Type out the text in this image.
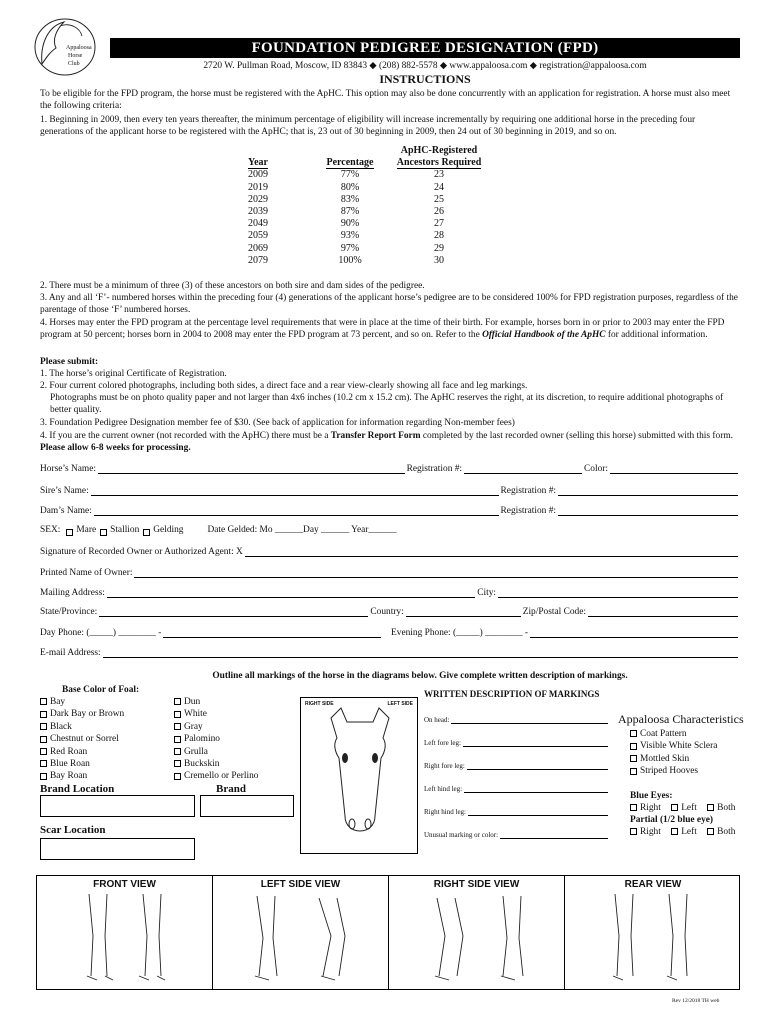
Appaloosa
Horse
Club
FOUNDATION PEDIGREE DESIGNATION (FPD)
2720 W. Pullman Road, Moscow, ID 83843 ◆ (208) 882-5578 ◆ www.appaloosa.com ◆ registration@appaloosa.com
INSTRUCTIONS
To be eligible for the FPD program, the horse must be registered with the ApHC. This option may also be done concurrently with an application for registration. A horse must also meet the following criteria:
1. Beginning in 2009, then every ten years thereafter, the minimum percentage of eligibility will increase incrementally by requiring one additional horse in the preceding four generations of the applicant horse to be registered with the ApHC; that is, 23 out of 30 beginning in 2009, then 24 out of 30 beginning in 2019, and so on.
ApHC-Registered
Year	Percentage	Ancestors Required
2009	77%	23
2019	80%	24
2029	83%	25
2039	87%	26
2049	90%	27
2059	93%	28
2069	97%	29
2079	100%	30
2. There must be a minimum of three (3) of these ancestors on both sire and dam sides of the pedigree.
3. Any and all ‘F’- numbered horses within the preceding four (4) generations of the applicant horse’s pedigree are to be considered 100% for FPD registration purposes, regardless of the parentage of those ‘F’ numbered horses.
4. Horses may enter the FPD program at the percentage level requirements that were in place at the time of their birth. For example, horses born in or prior to 2003 may enter the FPD program at 50 percent; horses born in 2004 to 2008 may enter the FPD program at 73 percent, and so on. Refer to the Official Handbook of the ApHC for additional information.
Please submit:
1. The horse’s original Certificate of Registration.
2. Four current colored photographs, including both sides, a direct face and a rear view-clearly showing all face and leg markings.
Photographs must be on photo quality paper and not larger than 4x6 inches (10.2 cm x 15.2 cm). The ApHC reserves the right, at its discretion, to require additional photographs of better quality.
3. Foundation Pedigree Designation member fee of $30. (See back of application for information regarding Non-member fees)
4. If you are the current owner (not recorded with the ApHC) there must be a Transfer Report Form completed by the last recorded owner (selling this horse) submitted with this form. Please allow 6-8 weeks for processing.
Horse’s Name:	Registration #:	Color:
Sire’s Name:	Registration #:
Dam’s Name:	Registration #:
SEX: Mare Stallion Gelding	Date Gelded: Mo ______Day ______ Year______
Signature of Recorded Owner or Authorized Agent: X
Printed Name of Owner:
Mailing Address:	City:
State/Province:	Country:	Zip/Postal Code:
Day Phone: (_____) ________ -	Evening Phone: (_____) ________ -
E-mail Address:
Outline all markings of the horse in the diagrams below. Give complete written description of markings.
Base Color of Foal:
Bay
Dark Bay or Brown
Black
Chestnut or Sorrel
Red Roan
Blue Roan
Bay Roan
Dun
White
Gray
Palomino
Grulla
Buckskin
Cremello or Perlino
Brand Location	Brand
Scar Location
RIGHT SIDE	LEFT SIDE
WRITTEN DESCRIPTION OF MARKINGS
On head:
Left fore leg:
Right fore leg:
Left hind leg:
Right hind leg:
Unusual marking or color:
Appaloosa Characteristics
Coat Pattern
Visible White Sclera
Mottled Skin
Striped Hooves
Blue Eyes:
Right Left Both
Partial (1/2 blue eye)
Right Left Both
FRONT VIEW	LEFT SIDE VIEW	RIGHT SIDE VIEW	REAR VIEW
Rev 12/2018 TH web
